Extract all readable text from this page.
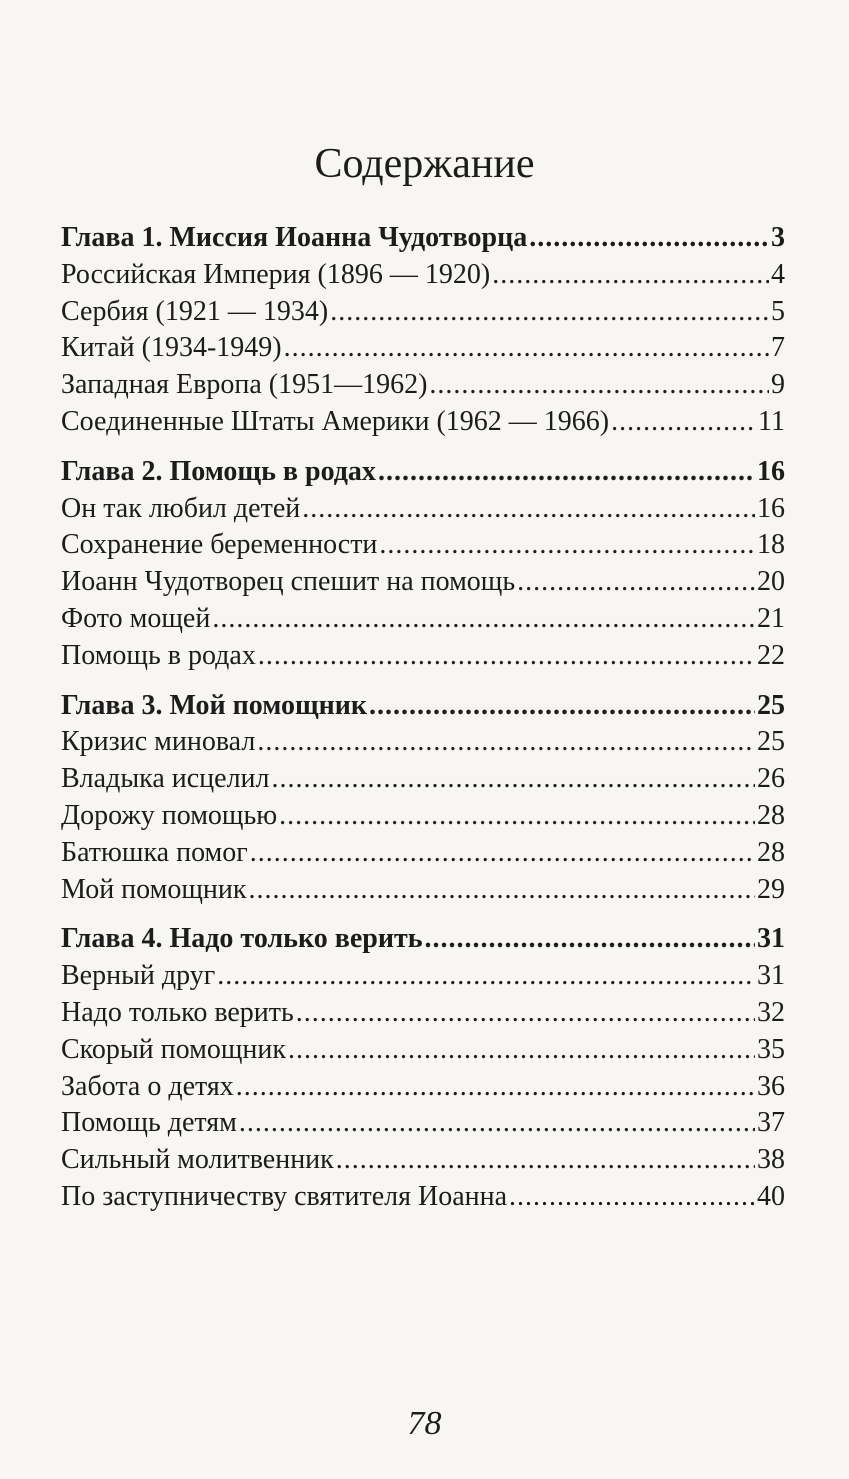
Содержание
Глава 1. Миссия Иоанна Чудотворца .....	3
Российская Империя (1896 — 1920) .....	4
Сербия (1921 — 1934) .....	5
Китай (1934-1949) .....	7
Западная Европа (1951—1962) .....	9
Соединенные Штаты Америки (1962 — 1966) .....	11
Глава 2. Помощь в родах .....	16
Он так любил детей .....	16
Сохранение беременности .....	18
Иоанн Чудотворец спешит на помощь .....	20
Фото мощей .....	21
Помощь в родах .....	22
Глава 3. Мой помощник .....	25
Кризис миновал .....	25
Владыка исцелил .....	26
Дорожу помощью .....	28
Батюшка помог .....	28
Мой помощник .....	29
Глава 4. Надо только верить .....	31
Верный друг .....	31
Надо только верить .....	32
Скорый помощник .....	35
Забота о детях .....	36
Помощь детям .....	37
Сильный молитвенник .....	38
По заступничеству святителя Иоанна .....	40
78
